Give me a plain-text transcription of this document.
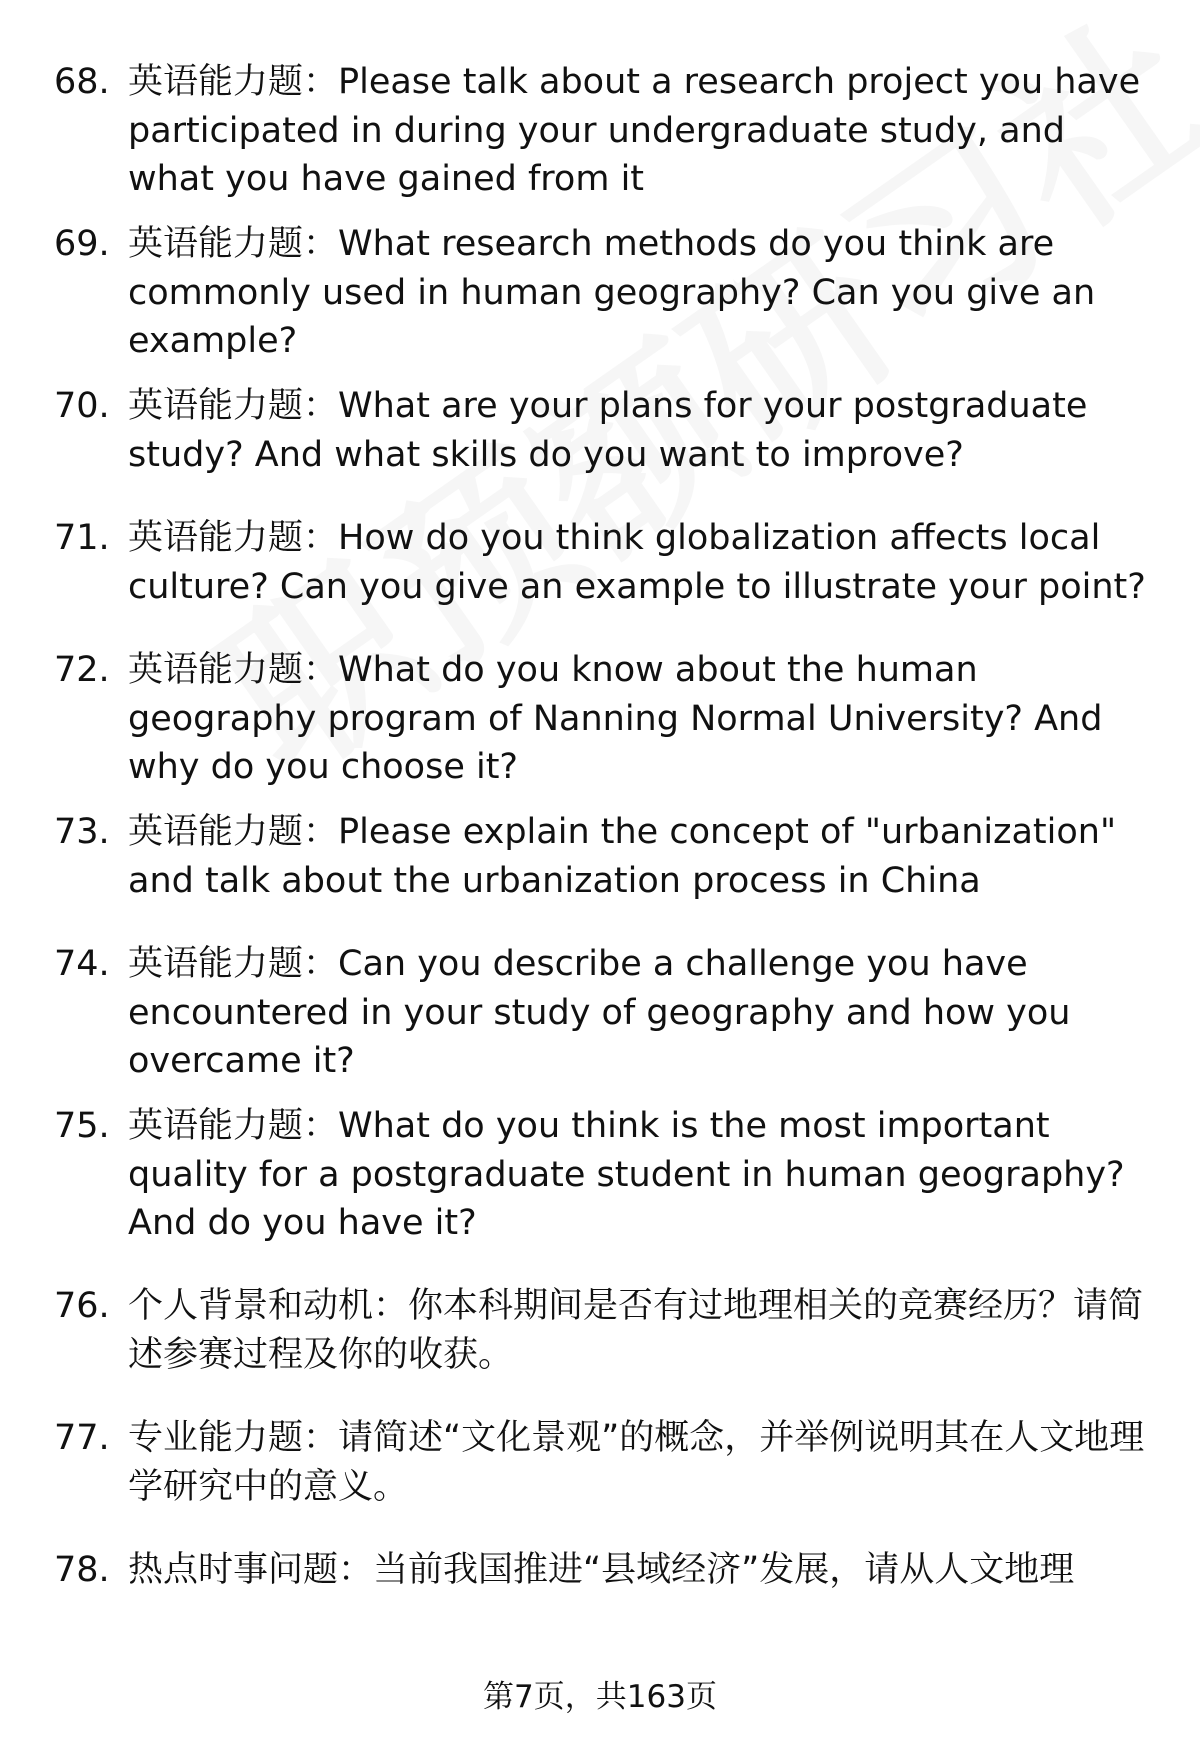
68. 英语能力题：Please talk about a research project you have participated in during your undergraduate study, and what you have gained from it
69. 英语能力题：What research methods do you think are commonly used in human geography? Can you give an example?
70. 英语能力题：What are your plans for your postgraduate study? And what skills do you want to improve?
71. 英语能力题：How do you think globalization affects local culture? Can you give an example to illustrate your point?
72. 英语能力题：What do you know about the human geography program of Nanning Normal University? And why do you choose it?
73. 英语能力题：Please explain the concept of "urbanization" and talk about the urbanization process in China
74. 英语能力题：Can you describe a challenge you have encountered in your study of geography and how you overcame it?
75. 英语能力题：What do you think is the most important quality for a postgraduate student in human geography? And do you have it?
76. 个人背景和动机：你本科期间是否有过地理相关的竞赛经历？请简述参赛过程及你的收获。
77. 专业能力题：请简述“文化景观”的概念，并举例说明其在人文地理学研究中的意义。
78. 热点时事问题：当前我国推进“县域经济”发展，请从人文地理
第7页，共163页
